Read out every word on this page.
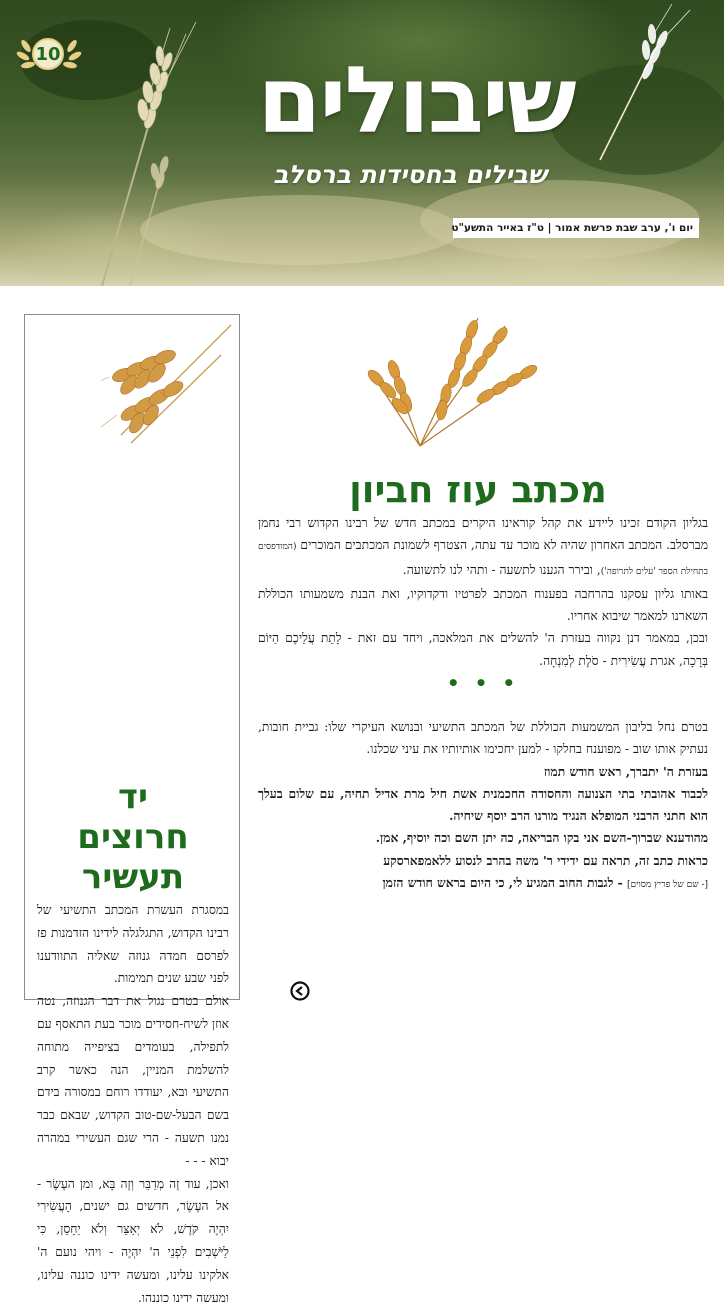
10	שיבולים
שבילים בחסידות ברסלב
יום ו', ערב שבת פרשת אמור | ט"ז באייר התשע"ט
יד
חרוצים
תעשיר

במסגרת העשרת המכתב התשיעי של רבינו הקדוש, התגלגלה לידינו הזדמנות פז לפרסם חמדה גנוזה שאליה התוודענו לפני שבע שנים תמימות.

אולם בטרם נגול את דבר הגנוזה, נטה אוזן לשיח-חסידים מוכר בעת התאסף עם לתפילה, בעומדים בציפייה מתוחה להשלמת המניין, הנה כאשר קרב התשיעי ובא, יעודדו רוחם במסורה בידם בשם הבעל-שם-טוב הקדוש, שבאם כבר נמנו תשעה - הרי שגם העשירי במהרה יבוא - - -

ואכן, עוד זֶה מְדַבֵּר וְזֶה בָּא, ומן העֶשֶׂר - אל העֶשֶׂר, חדשים גם ישנים, הָעֲשִׂירִי יִהְיֶה קֹּדֶשׁ, לֹא יְאַצֵּר וְלֹא יֵחָסֵן, כִּי לַיֹּשְׁבִים לִפְנֵי ה' יִהְיֶה - ויהי נועם ה' אלקינו עלינו, ומעשה ידינו כוננה עלינו, ומעשה ידינו כוננהו.

מכתב עוז חביון

בגליון הקודם זכינו ליידע את קהל קוראינו היקרים במכתב חדש של רבינו הקדוש רבי נחמן מברסלב. המכתב האחרון שהיה לא מוכר עד עתה, הצטרף לשמונת המכתבים המוכרים (המודפסים בתחילת הספר 'עלים לתרופה'), ובירר הגענו לתשעה - ותהי לנו לתשועה.

באותו גליון עסקנו בהרחבה בפענוח המכתב לפרטיו ודקדוקיו, ואת הבנת משמעותו הכוללת השארנו למאמר שיבוא אחריו.

ובכן, במאמר דנן נקווה בעזרת ה' להשלים את המלאכה, ויחד עם זאת - לָתֵת עֲלֵיכֶם הַיּוֹם בְּרָכָה, אגרת עֲשִׂירִית - סֹלֶת לְמִנְחָה.

• • •

בטרם נחל בליבון המשמעות הכוללת של המכתב התשיעי ובנושא העיקרי שלו: גביית חובות, נעתיק אותו שוב - מפוענח בחלקו - למען יחכימו אותיותיו את עיני שכלנו.

בעזרת ה' יתברך, ראש חודש תמוז

לכבוד אהובתי בתי הצנועה והחסודה החכמנית אשת חיל מרת אדיל תחיה, עם שלום בעלך הוא חתני הרבני המופלא הנגיד מורנו הרב יוסף שיחיה.

מהודענא שברוך-השם אני בקו הבריאה, כה יתן השם וכה יוסיף, אמן.

כראות כתב זה, תראה עם ידידי ר' משה בהרב לנסוע ללאמפארסקע

[- שם של פריץ מסוים] - לגבות החוב המגיע לי, כי היום בראש חודש הזמן
